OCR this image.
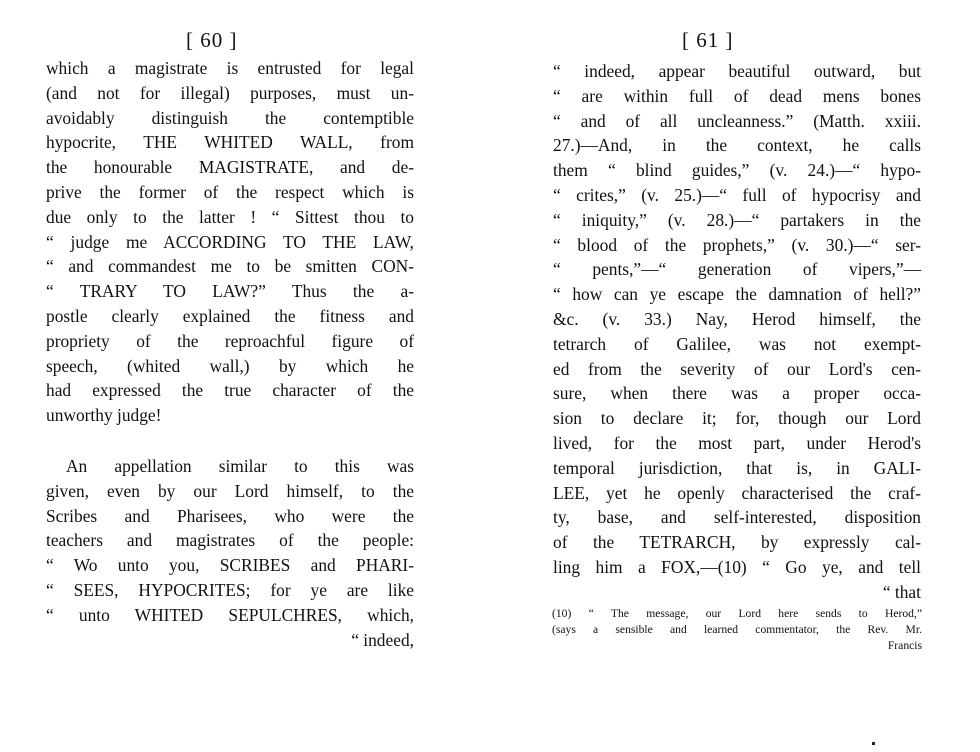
[ 60 ]
which a magistrate is entrusted for legal
(and not for illegal) purposes, must un-
avoidably distinguish the contemptible
hypocrite, THE WHITED WALL, from
the honourable MAGISTRATE, and de-
prive the former of the respect which is
due only to the latter ! “ Sittest thou to
“ judge me ACCORDING TO THE LAW,
“ and commandest me to be smitten CON-
“ TRARY TO LAW?” Thus the a-
postle clearly explained the fitness and
propriety of the reproachful figure of
speech, (whited wall,) by which he
had expressed the true character of the
unworthy judge!
An appellation similar to this was
given, even by our Lord himself, to the
Scribes and Pharisees, who were the
teachers and magistrates of the people:
“ Wo unto you, SCRIBES and PHARI-
“ SEES, HYPOCRITES; for ye are like
“ unto WHITED SEPULCHRES, which,
“ indeed,
[ 61 ]
“ indeed, appear beautiful outward, but
“ are within full of dead mens bones
“ and of all uncleanness.” (Matth. xxiii.
27.)—And, in the context, he calls
them “ blind guides,” (v. 24.)—“ hypo-
“ crites,” (v. 25.)—“ full of hypocrisy and
“ iniquity,” (v. 28.)—“ partakers in the
“ blood of the prophets,” (v. 30.)—“ ser-
“ pents,”—“ generation of vipers,”—
“ how can ye escape the damnation of hell?”
&c. (v. 33.) Nay, Herod himself, the
tetrarch of Galilee, was not exempt-
ed from the severity of our Lord's cen-
sure, when there was a proper occa-
sion to declare it; for, though our Lord
lived, for the most part, under Herod's
temporal jurisdiction, that is, in GALI-
LEE, yet he openly characterised the craf-
ty, base, and self-interested, disposition
of the TETRARCH, by expressly cal-
ling him a FOX,—(10) “ Go ye, and tell
“ that
(10) “ The message, our Lord here sends to Herod,”
(says a sensible and learned commentator, the Rev. Mr.
Francis
